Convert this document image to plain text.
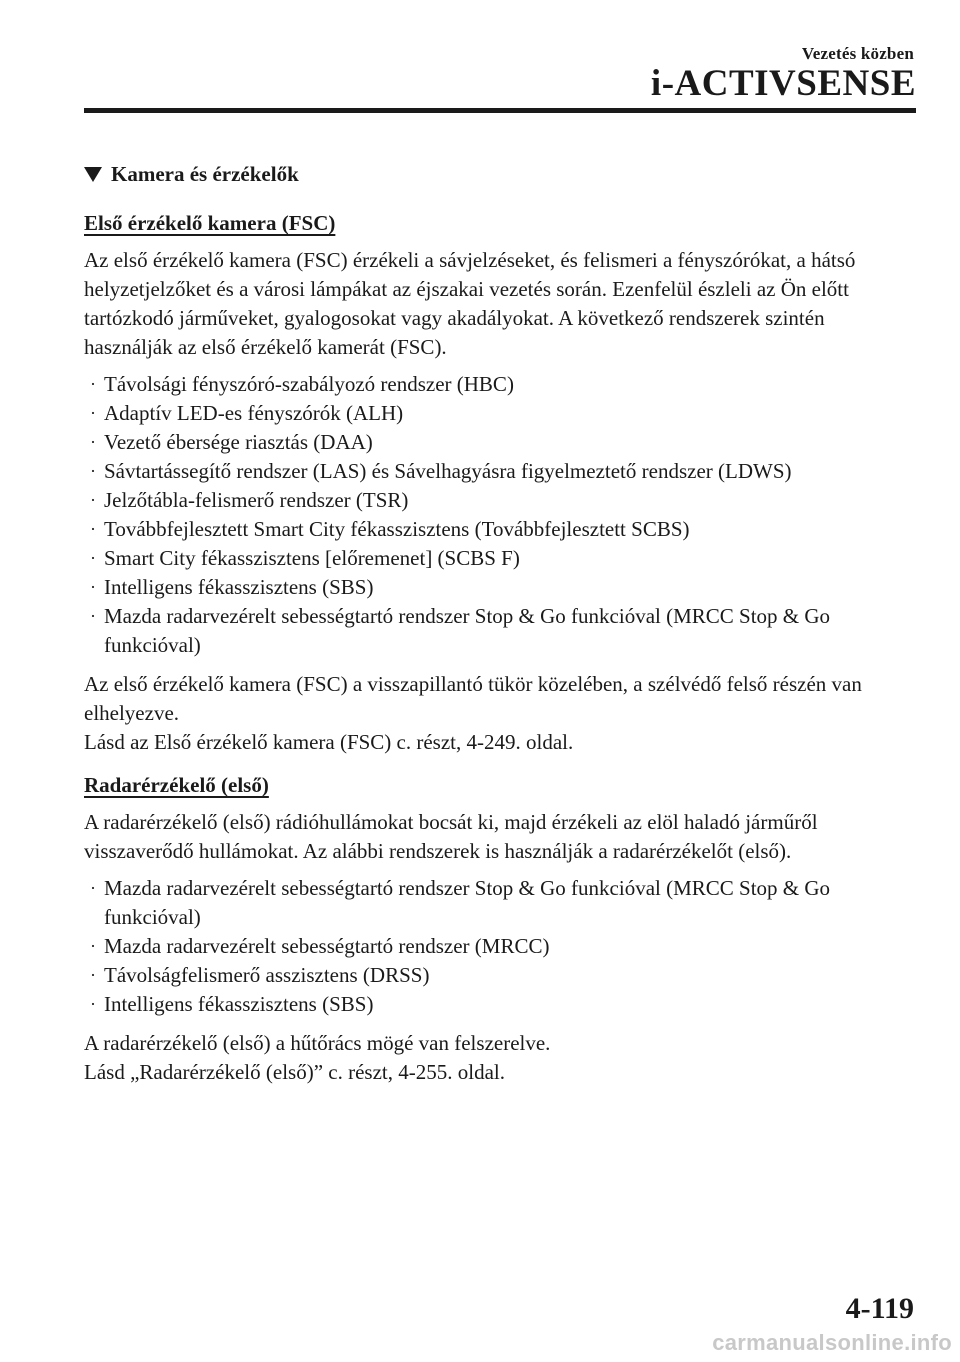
Vezetés közben
i-ACTIVSENSE
Kamera és érzékelők
Első érzékelő kamera (FSC)

Az első érzékelő kamera (FSC) érzékeli a sávjelzéseket, és felismeri a fényszórókat, a hátsó helyzetjelzőket és a városi lámpákat az éjszakai vezetés során. Ezenfelül észleli az Ön előtt tartózkodó járműveket, gyalogosokat vagy akadályokat. A következő rendszerek szintén használják az első érzékelő kamerát (FSC).

· Távolsági fényszóró-szabályozó rendszer (HBC)
· Adaptív LED-es fényszórók (ALH)
· Vezető ébersége riasztás (DAA)
· Sávtartássegítő rendszer (LAS) és Sávelhagyásra figyelmeztető rendszer (LDWS)
· Jelzőtábla-felismerő rendszer (TSR)
· Továbbfejlesztett Smart City fékasszisztens (Továbbfejlesztett SCBS)
· Smart City fékasszisztens [előremenet] (SCBS F)
· Intelligens fékasszisztens (SBS)
· Mazda radarvezérelt sebességtartó rendszer Stop & Go funkcióval (MRCC Stop & Go funkcióval)

Az első érzékelő kamera (FSC) a visszapillantó tükör közelében, a szélvédő felső részén van elhelyezve.

Lásd az Első érzékelő kamera (FSC) c. részt, 4-249. oldal.

Radarérzékelő (első)

A radarérzékelő (első) rádióhullámokat bocsát ki, majd érzékeli az elöl haladó járműről visszaverődő hullámokat. Az alábbi rendszerek is használják a radarérzékelőt (első).

· Mazda radarvezérelt sebességtartó rendszer Stop & Go funkcióval (MRCC Stop & Go funkcióval)
· Mazda radarvezérelt sebességtartó rendszer (MRCC)
· Távolságfelismerő asszisztens (DRSS)
· Intelligens fékasszisztens (SBS)

A radarérzékelő (első) a hűtőrács mögé van felszerelve.

Lásd „Radarérzékelő (első)” c. részt, 4-255. oldal.

4-119
carmanualsonline.info
